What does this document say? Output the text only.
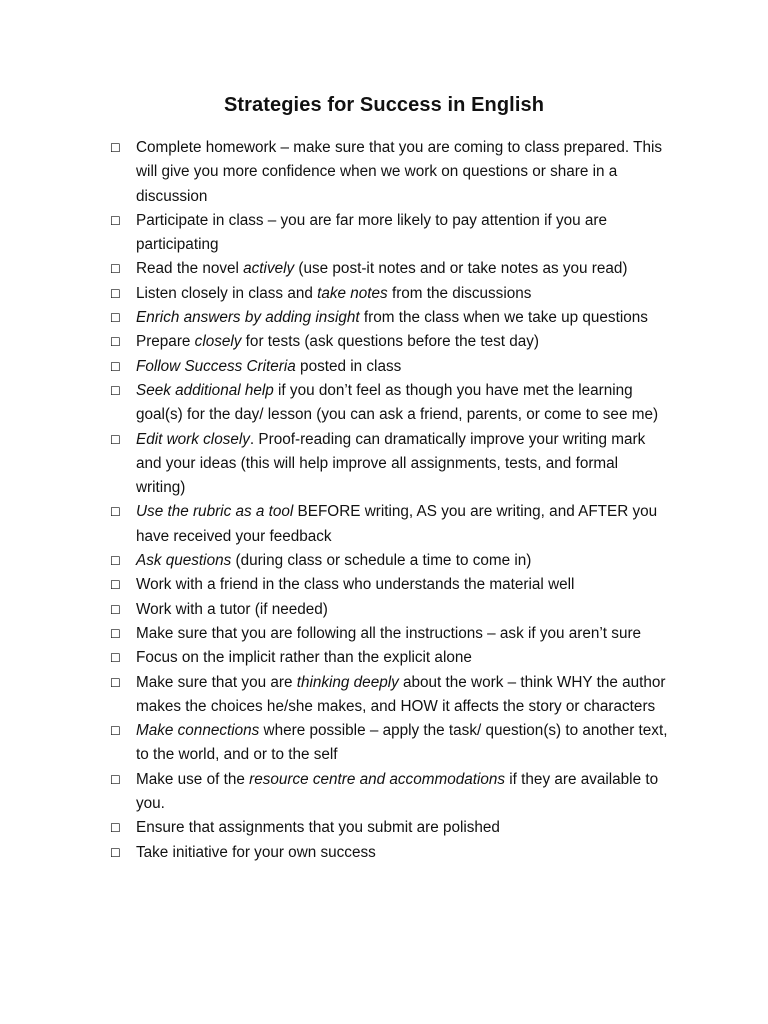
Strategies for Success in English
☐ Complete homework – make sure that you are coming to class prepared. This will give you more confidence when we work on questions or share in a discussion
☐ Participate in class – you are far more likely to pay attention if you are participating
☐ Read the novel actively (use post-it notes and or take notes as you read)
☐ Listen closely in class and take notes from the discussions
☐ Enrich answers by adding insight from the class when we take up questions
☐ Prepare closely for tests (ask questions before the test day)
☐ Follow Success Criteria posted in class
☐ Seek additional help if you don’t feel as though you have met the learning goal(s) for the day/ lesson (you can ask a friend, parents, or come to see me)
☐ Edit work closely. Proof-reading can dramatically improve your writing mark and your ideas (this will help improve all assignments, tests, and formal writing)
☐ Use the rubric as a tool BEFORE writing, AS you are writing, and AFTER you have received your feedback
☐ Ask questions (during class or schedule a time to come in)
☐ Work with a friend in the class who understands the material well
☐ Work with a tutor (if needed)
☐ Make sure that you are following all the instructions – ask if you aren’t sure
☐ Focus on the implicit rather than the explicit alone
☐ Make sure that you are thinking deeply about the work – think WHY the author makes the choices he/she makes, and HOW it affects the story or characters
☐ Make connections where possible – apply the task/ question(s) to another text, to the world, and or to the self
☐ Make use of the resource centre and accommodations if they are available to you.
☐ Ensure that assignments that you submit are polished
☐ Take initiative for your own success
